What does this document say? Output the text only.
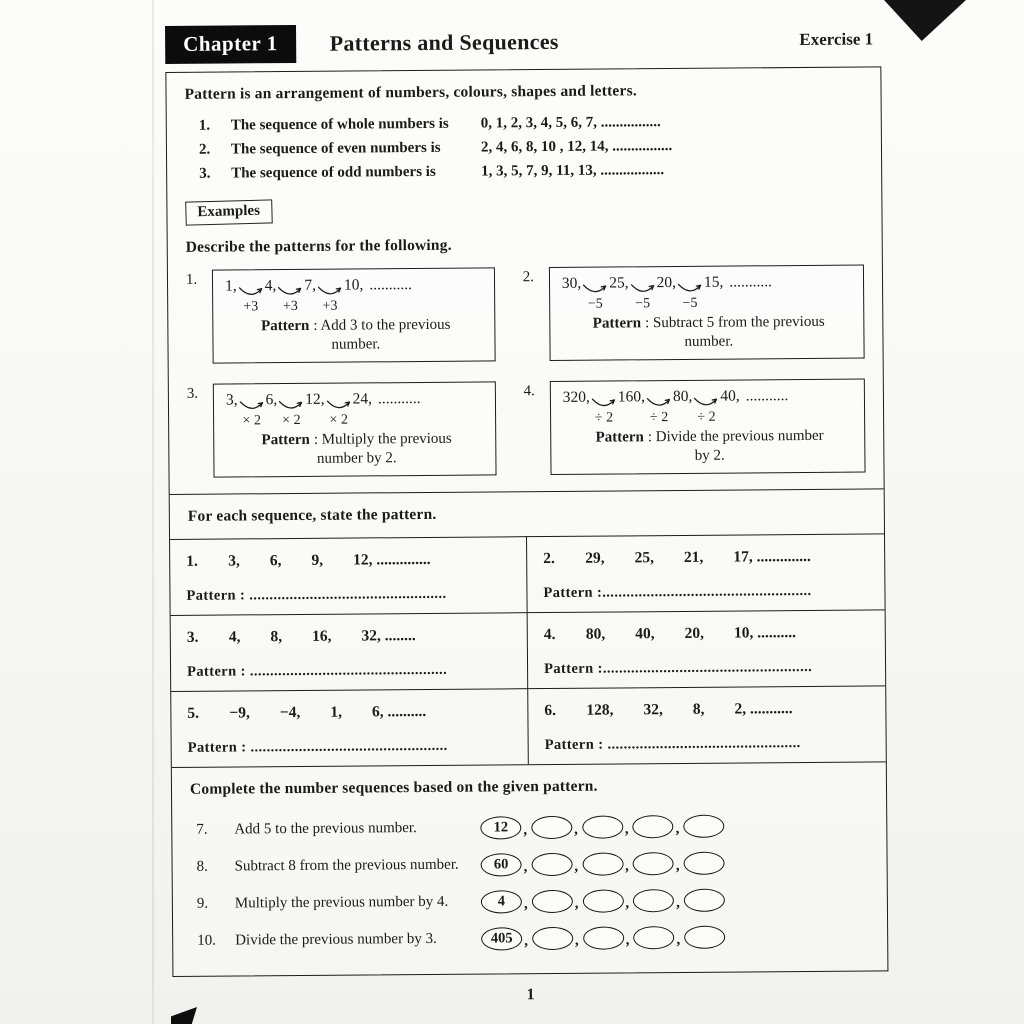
Chapter 1	Patterns and Sequences	Exercise 1
Pattern is an arrangement of numbers, colours, shapes and letters.
1.	The sequence of whole numbers is	0, 1, 2, 3, 4, 5, 6, 7, ................
2.	The sequence of even numbers is	2, 4, 6, 8, 10 , 12, 14, ................
3.	The sequence of odd numbers is	1, 3, 5, 7, 9, 11, 13, .................
Examples
Describe the patterns for the following.
1.	1,
+3
4,
+3
7,
+3
10, ...........
Pattern : Add 3 to the previous number.
2.	30,
−5
25,
−5
20,
−5
15, ...........
Pattern : Subtract 5 from the previous number.
3.	3,
× 2
6,
× 2
12,
× 2
24, ...........
Pattern : Multiply the previous number by 2.
4.	320,
÷ 2
160,
÷ 2
80,
÷ 2
40, ...........
Pattern : Divide the previous number by 2.
For each sequence, state the pattern.
1. 3, 6, 9, 12, ..............
Pattern : .................................................
2. 29, 25, 21, 17, ..............
Pattern :....................................................
3. 4, 8, 16, 32, ........
Pattern : .................................................
4. 80, 40, 20, 10, ..........
Pattern :....................................................
5. −9, −4, 1, 6, ..........
Pattern : .................................................
6. 128, 32, 8, 2, ...........
Pattern : ................................................
Complete the number sequences based on the given pattern.
7.	Add 5 to the previous number.	12 ,	,	,	,
8.	Subtract 8 from the previous number.	60 ,	,	,	,
9.	Multiply the previous number by 4.	4 ,	,	,	,
10.	Divide the previous number by 3.	405 ,	,	,	,
1
